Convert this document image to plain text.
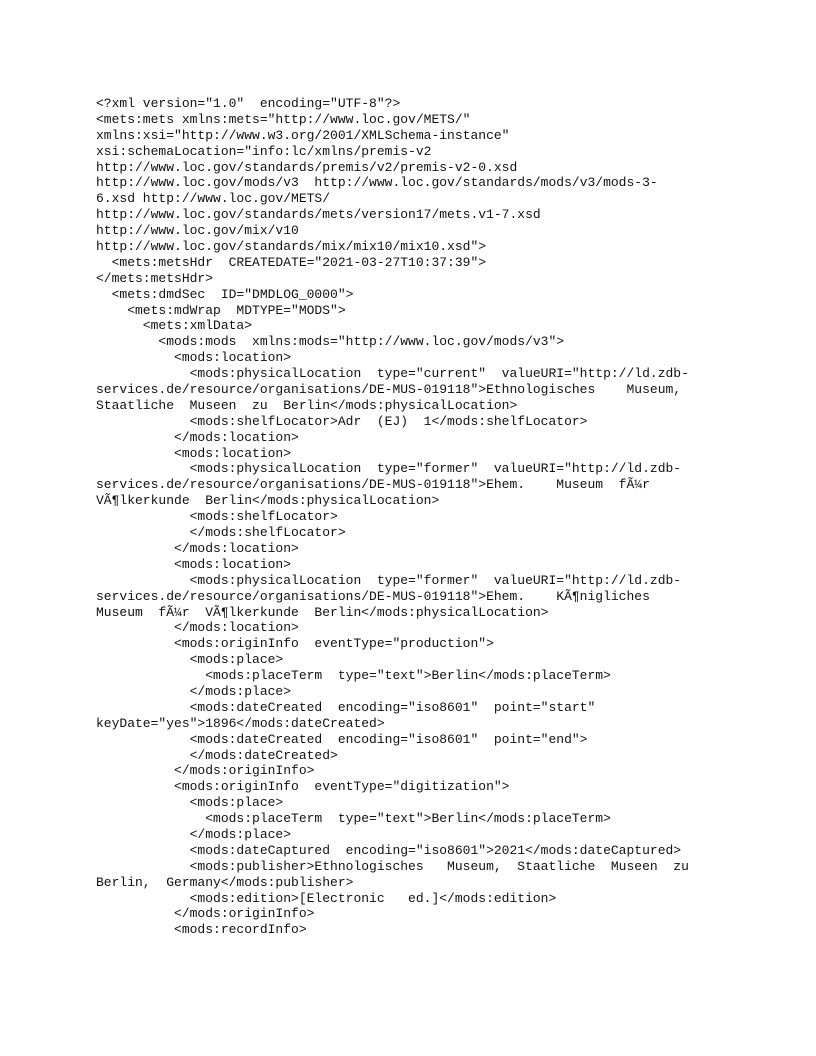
<?xml version="1.0"  encoding="UTF-8"?>
<mets:mets xmlns:mets="http://www.loc.gov/METS/"
xmlns:xsi="http://www.w3.org/2001/XMLSchema-instance"
xsi:schemaLocation="info:lc/xmlns/premis-v2
http://www.loc.gov/standards/premis/v2/premis-v2-0.xsd
http://www.loc.gov/mods/v3  http://www.loc.gov/standards/mods/v3/mods-3-
6.xsd http://www.loc.gov/METS/
http://www.loc.gov/standards/mets/version17/mets.v1-7.xsd
http://www.loc.gov/mix/v10
http://www.loc.gov/standards/mix/mix10/mix10.xsd">
<mets:metsHdr  CREATEDATE="2021-03-27T10:37:39">
</mets:metsHdr>
<mets:dmdSec  ID="DMDLOG_0000">
<mets:mdWrap  MDTYPE="MODS">
<mets:xmlData>
<mods:mods  xmlns:mods="http://www.loc.gov/mods/v3">
<mods:location>
<mods:physicalLocation  type="current"  valueURI="http://ld.zdb-
services.de/resource/organisations/DE-MUS-019118">Ethnologisches    Museum,
Staatliche  Museen  zu  Berlin</mods:physicalLocation>
<mods:shelfLocator>Adr  (EJ)  1</mods:shelfLocator>
</mods:location>
<mods:location>
<mods:physicalLocation  type="former"  valueURI="http://ld.zdb-
services.de/resource/organisations/DE-MUS-019118">Ehem.    Museum  fÃ¼r
VÃ¶lkerkunde  Berlin</mods:physicalLocation>
<mods:shelfLocator>
</mods:shelfLocator>
</mods:location>
<mods:location>
<mods:physicalLocation  type="former"  valueURI="http://ld.zdb-
services.de/resource/organisations/DE-MUS-019118">Ehem.    KÃ¶nigliches
Museum  fÃ¼r  VÃ¶lkerkunde  Berlin</mods:physicalLocation>
</mods:location>
<mods:originInfo  eventType="production">
<mods:place>
<mods:placeTerm  type="text">Berlin</mods:placeTerm>
</mods:place>
<mods:dateCreated  encoding="iso8601"  point="start"
keyDate="yes">1896</mods:dateCreated>
<mods:dateCreated  encoding="iso8601"  point="end">
</mods:dateCreated>
</mods:originInfo>
<mods:originInfo  eventType="digitization">
<mods:place>
<mods:placeTerm  type="text">Berlin</mods:placeTerm>
</mods:place>
<mods:dateCaptured  encoding="iso8601">2021</mods:dateCaptured>
<mods:publisher>Ethnologisches   Museum,  Staatliche  Museen  zu
Berlin,  Germany</mods:publisher>
<mods:edition>[Electronic   ed.]</mods:edition>
</mods:originInfo>
<mods:recordInfo>
